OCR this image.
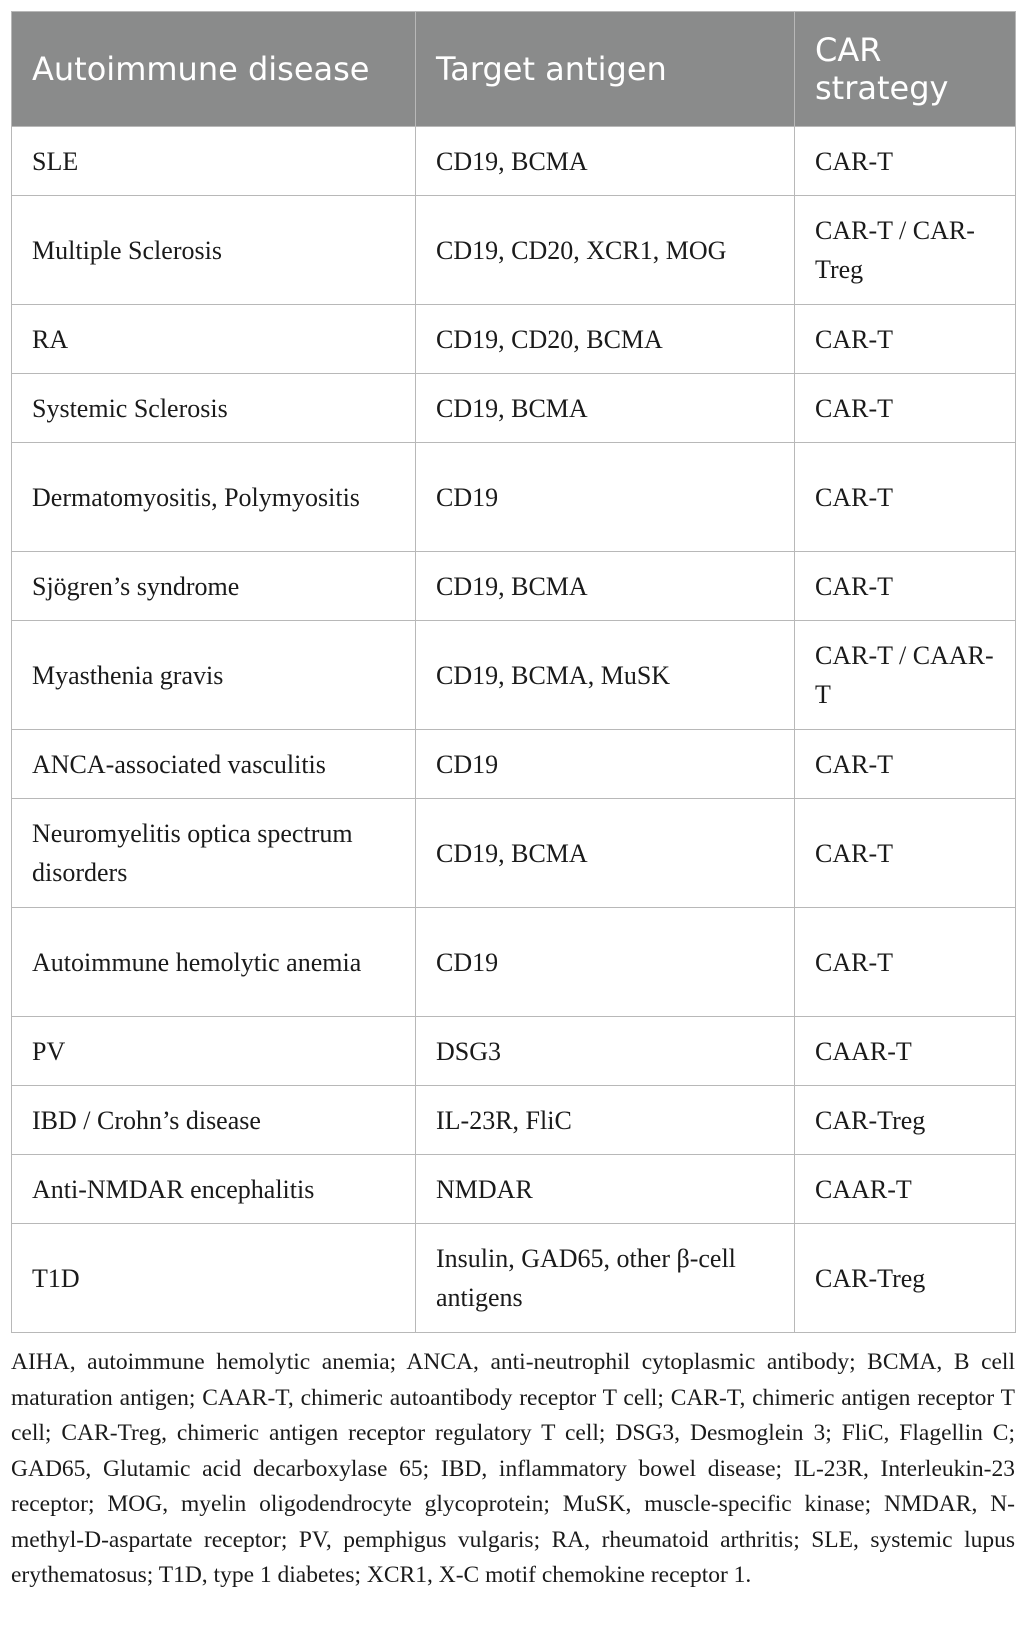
Autoimmune disease	Target antigen	CAR strategy
SLE	CD19, BCMA	CAR-T
Multiple Sclerosis	CD19, CD20, XCR1, MOG	CAR-T / CAR-Treg
RA	CD19, CD20, BCMA	CAR-T
Systemic Sclerosis	CD19, BCMA	CAR-T
Dermatomyositis, Polymyositis	CD19	CAR-T
Sjögren’s syndrome	CD19, BCMA	CAR-T
Myasthenia gravis	CD19, BCMA, MuSK	CAR-T / CAAR-T
ANCA-associated vasculitis	CD19	CAR-T
Neuromyelitis optica spectrum disorders	CD19, BCMA	CAR-T
Autoimmune hemolytic anemia	CD19	CAR-T
PV	DSG3	CAAR-T
IBD / Crohn’s disease	IL-23R, FliC	CAR-Treg
Anti-NMDAR encephalitis	NMDAR	CAAR-T
T1D	Insulin, GAD65, other β-cell antigens	CAR-Treg
AIHA, autoimmune hemolytic anemia; ANCA, anti-neutrophil cytoplasmic antibody; BCMA, B cell maturation antigen; CAAR-T, chimeric autoantibody receptor T cell; CAR-T, chimeric antigen receptor T cell; CAR-Treg, chimeric antigen receptor regulatory T cell; DSG3, Desmoglein 3; FliC, Flagellin C; GAD65, Glutamic acid decarboxylase 65; IBD, inflammatory bowel disease; IL-23R, Interleukin-23 receptor; MOG, myelin oligodendrocyte glycoprotein; MuSK, muscle-specific kinase; NMDAR, N-methyl-D-aspartate receptor; PV, pemphigus vulgaris; RA, rheumatoid arthritis; SLE, systemic lupus erythematosus; T1D, type 1 diabetes; XCR1, X-C motif chemokine receptor 1.
